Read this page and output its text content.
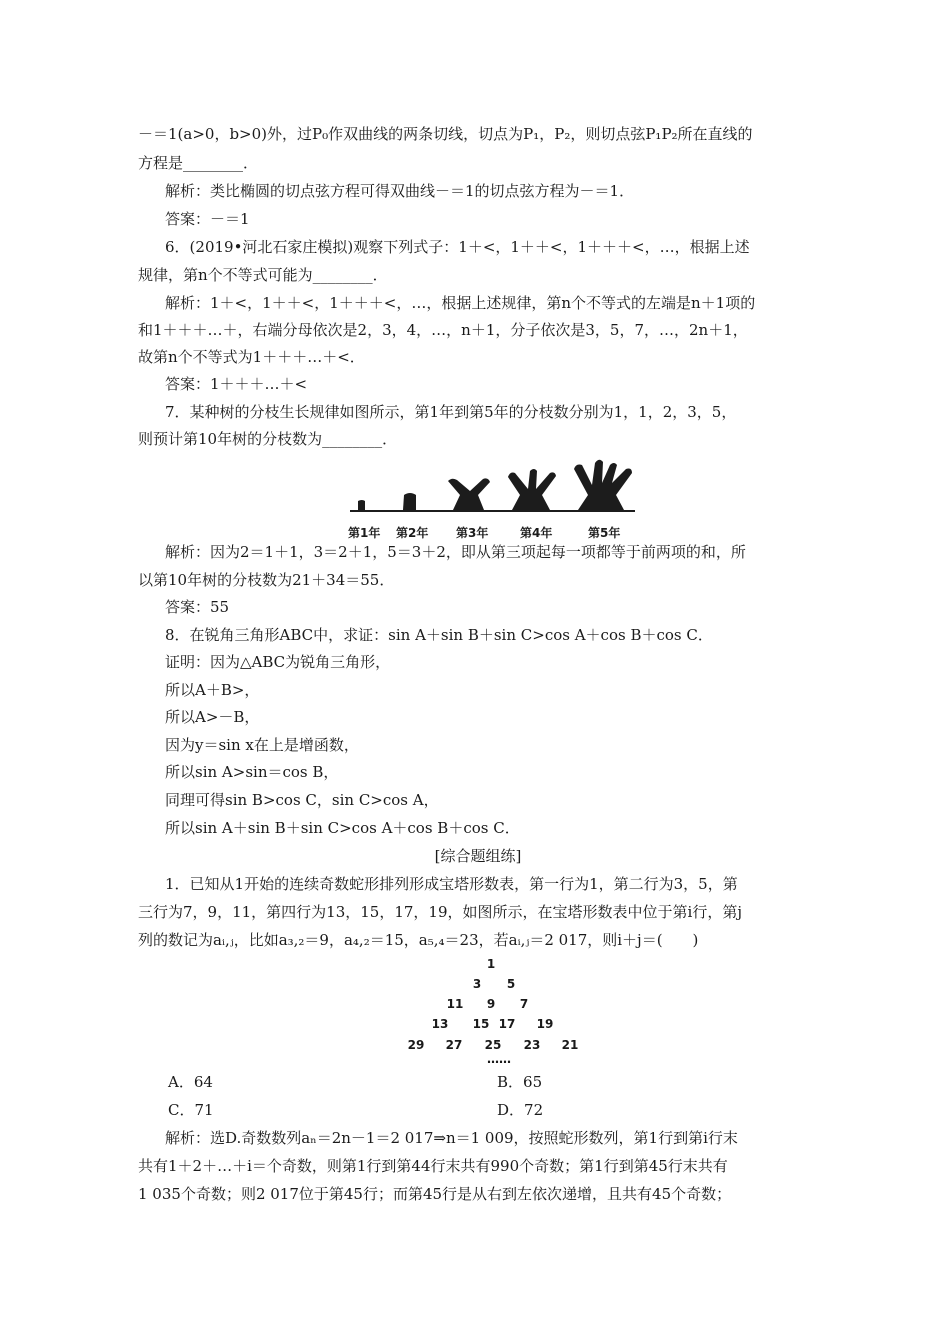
－＝1(a>0，b>0)外，过P₀作双曲线的两条切线，切点为P₁，P₂，则切点弦P₁P₂所在直线的
方程是________．
解析：类比椭圆的切点弦方程可得双曲线－＝1的切点弦方程为－＝1．
答案：－＝1
6．(2019•河北石家庄模拟)观察下列式子：1＋<，1＋＋<，1＋＋＋<，…，根据上述
规律，第n个不等式可能为________．
解析：1＋<，1＋＋<，1＋＋＋<，…，根据上述规律，第n个不等式的左端是n＋1项的
和1＋＋＋…＋，右端分母依次是2，3，4，…，n＋1，分子依次是3，5，7，…，2n＋1，
故第n个不等式为1＋＋＋…＋<．
答案：1＋＋＋…＋<
7．某种树的分枝生长规律如图所示，第1年到第5年的分枝数分别为1，1，2，3，5，
则预计第10年树的分枝数为________．
第1年 第2年 第3年	第4年	第5年
解析：因为2＝1＋1，3＝2＋1，5＝3＋2，即从第三项起每一项都等于前两项的和，所
以第10年树的分枝数为21＋34＝55．
答案：55
8．在锐角三角形ABC中，求证：sin A＋sin B＋sin C>cos A＋cos B＋cos C．
证明：因为△ABC为锐角三角形，
所以A＋B>，
所以A>－B，
因为y＝sin x在上是增函数，
所以sin A>sin＝cos B，
同理可得sin B>cos C，sin C>cos A，
所以sin A＋sin B＋sin C>cos A＋cos B＋cos C．
[综合题组练]
1．已知从1开始的连续奇数蛇形排列形成宝塔形数表，第一行为1，第二行为3，5，第
三行为7，9，11，第四行为13，15，17，19，如图所示，在宝塔形数表中位于第i行，第j
列的数记为aᵢ,ⱼ，比如a₃,₂＝9，a₄,₂＝15，a₅,₄＝23，若aᵢ,ⱼ＝2 017，则i＋j＝(　　)
1
3 5
11 9 7
13 15 17 19
29 27 25 23 21
……
A．64	B．65
C．71	D．72
解析：选D.奇数数列aₙ＝2n－1＝2 017⇒n＝1 009，按照蛇形数列，第1行到第i行末
共有1＋2＋…＋i＝个奇数，则第1行到第44行末共有990个奇数；第1行到第45行末共有
1 035个奇数；则2 017位于第45行；而第45行是从右到左依次递增，且共有45个奇数；
